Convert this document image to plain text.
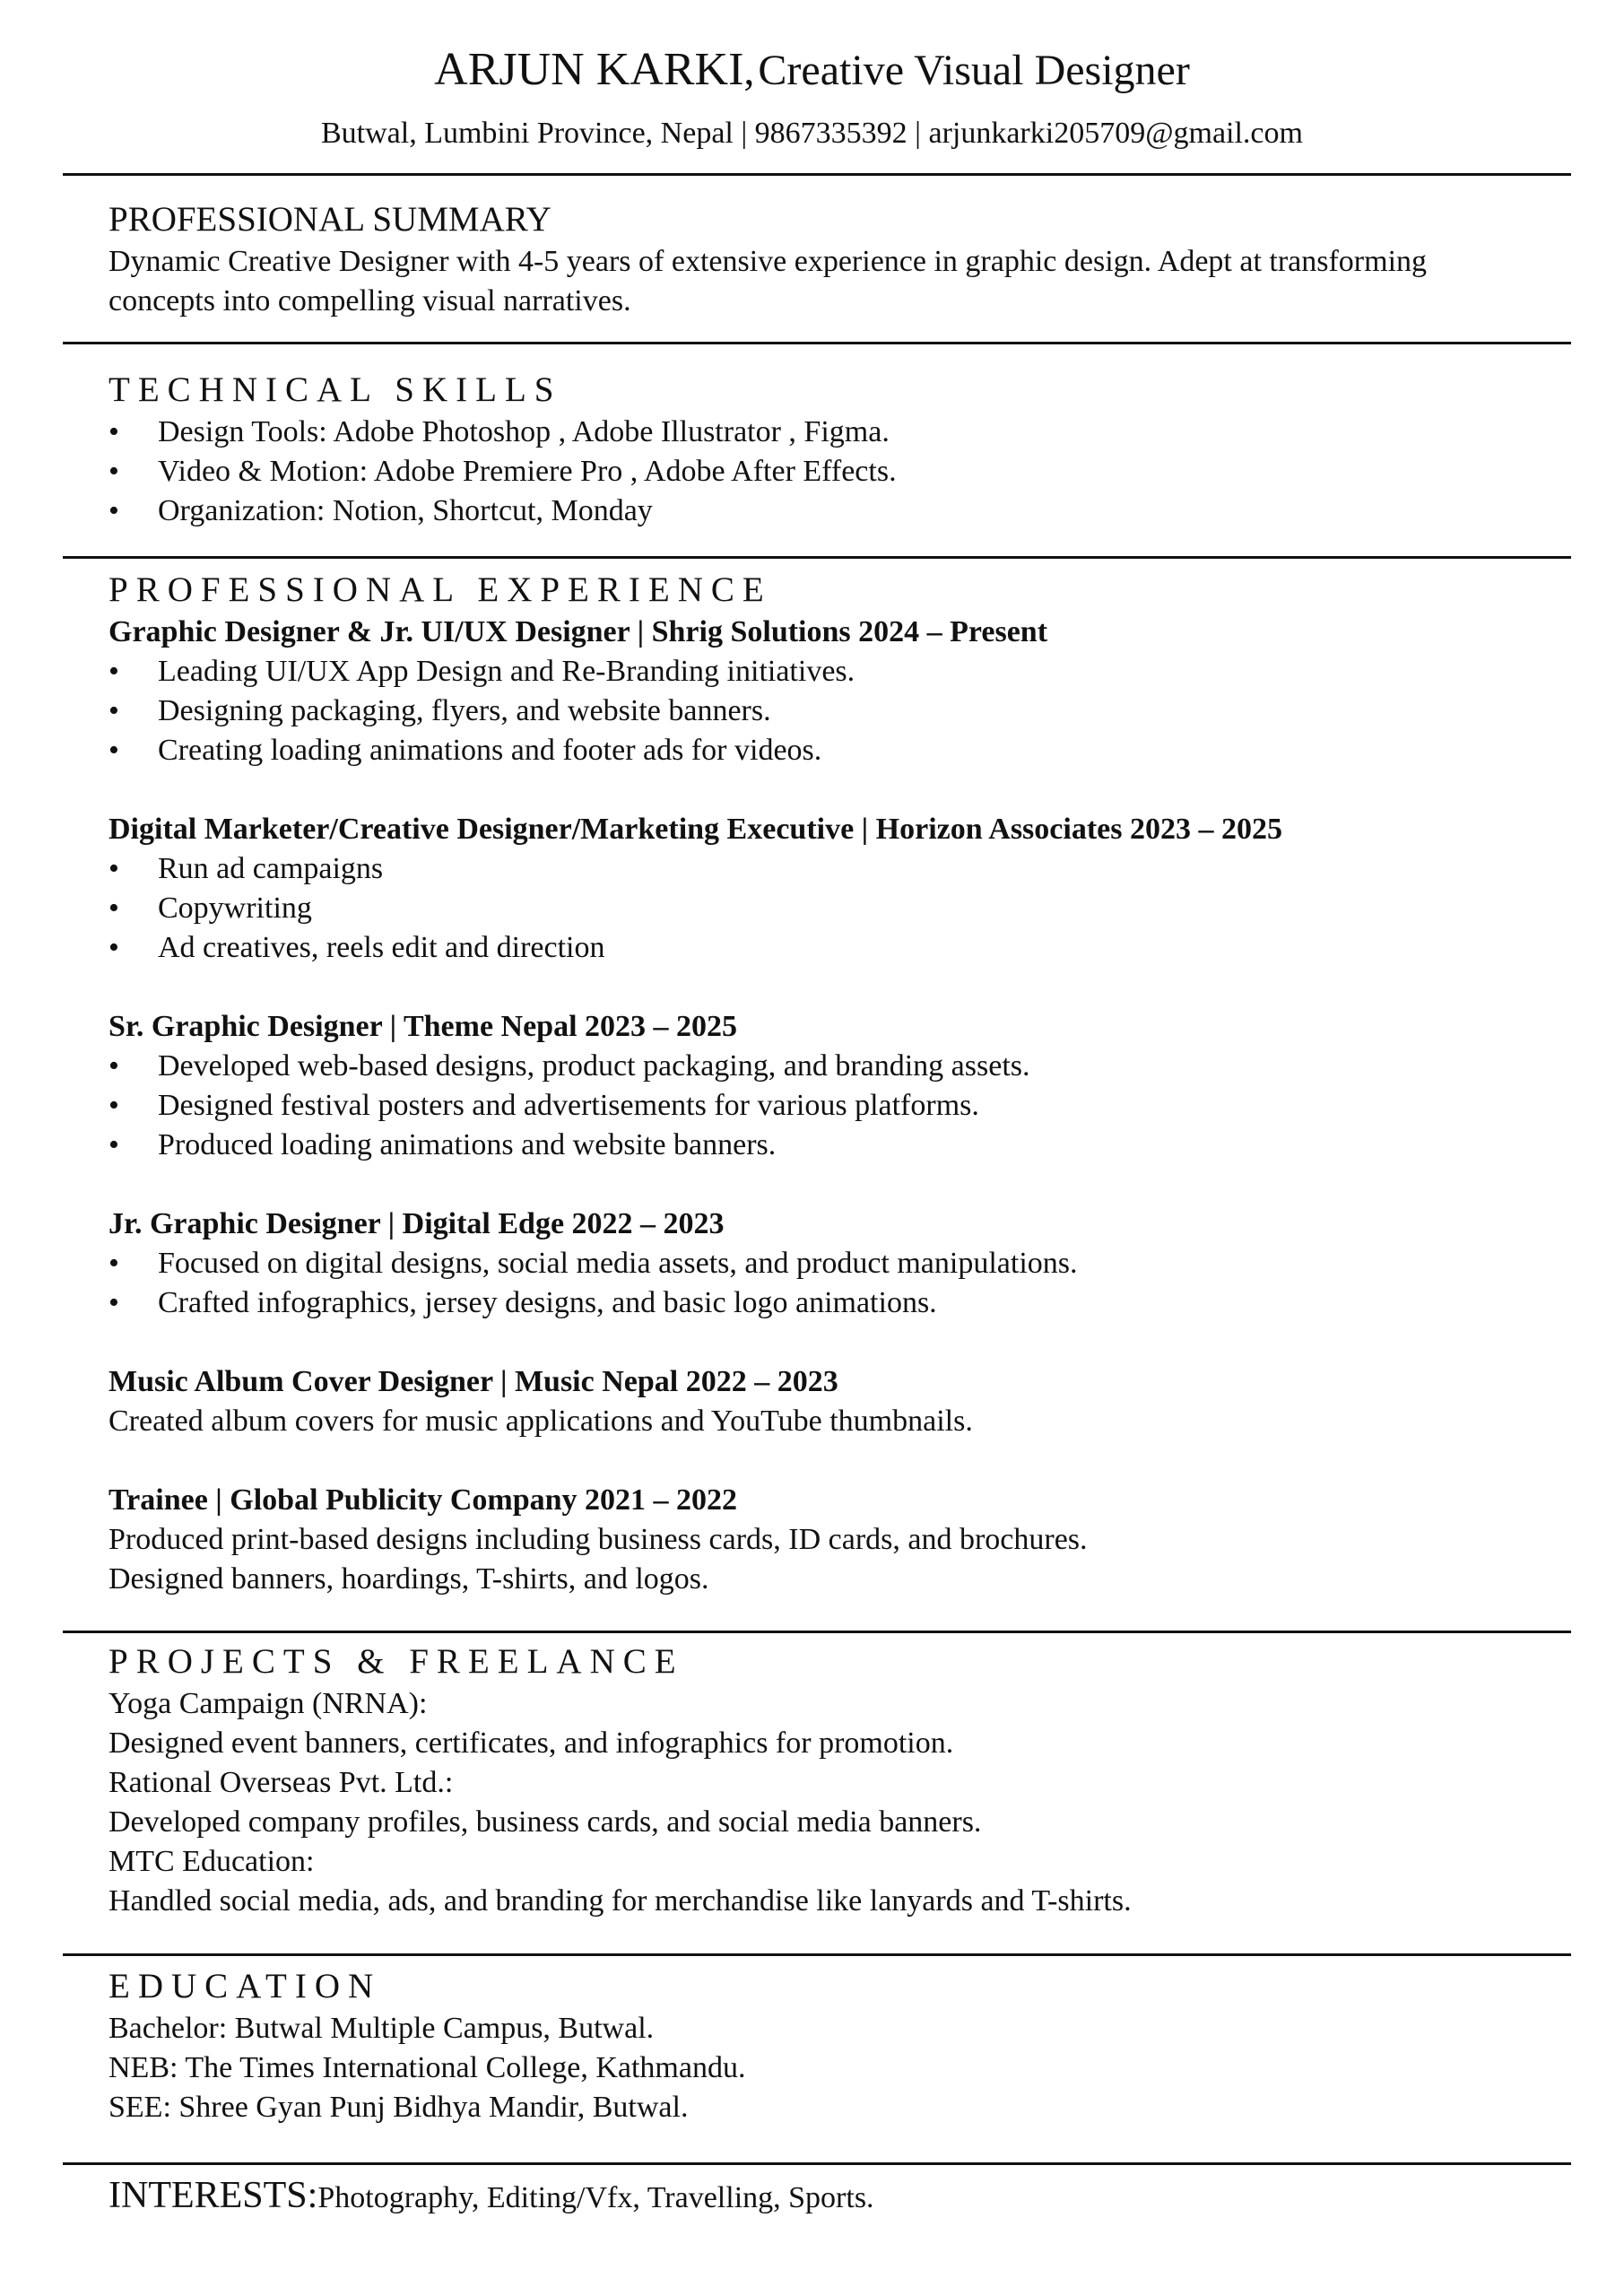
ARJUN KARKI, Creative Visual Designer
Butwal, Lumbini Province, Nepal | 9867335392 | arjunkarki205709@gmail.com

PROFESSIONAL SUMMARY

Dynamic Creative Designer with 4-5 years of extensive experience in graphic design. Adept at transforming

concepts into compelling visual narratives.

TECHNICAL SKILLS

• Design Tools: Adobe Photoshop , Adobe Illustrator , Figma.

• Video & Motion: Adobe Premiere Pro , Adobe After Effects.

• Organization: Notion, Shortcut, Monday

PROFESSIONAL EXPERIENCE

Graphic Designer & Jr. UI/UX Designer | Shrig Solutions 2024 – Present

• Leading UI/UX App Design and Re-Branding initiatives.

• Designing packaging, flyers, and website banners.

• Creating loading animations and footer ads for videos.

Digital Marketer/Creative Designer/Marketing Executive | Horizon Associates 2023 – 2025

• Run ad campaigns

• Copywriting

• Ad creatives, reels edit and direction

Sr. Graphic Designer | Theme Nepal 2023 – 2025

• Developed web-based designs, product packaging, and branding assets.

• Designed festival posters and advertisements for various platforms.

• Produced loading animations and website banners.

Jr. Graphic Designer | Digital Edge 2022 – 2023

• Focused on digital designs, social media assets, and product manipulations.

• Crafted infographics, jersey designs, and basic logo animations.

Music Album Cover Designer | Music Nepal 2022 – 2023

Created album covers for music applications and YouTube thumbnails.

Trainee | Global Publicity Company 2021 – 2022

Produced print-based designs including business cards, ID cards, and brochures.

Designed banners, hoardings, T-shirts, and logos.

PROJECTS & FREELANCE

Yoga Campaign (NRNA):

Designed event banners, certificates, and infographics for promotion.

Rational Overseas Pvt. Ltd.:

Developed company profiles, business cards, and social media banners.

MTC Education:

Handled social media, ads, and branding for merchandise like lanyards and T-shirts.

EDUCATION

Bachelor: Butwal Multiple Campus, Butwal.

NEB: The Times International College, Kathmandu.

SEE: Shree Gyan Punj Bidhya Mandir, Butwal.

INTERESTS:Photography, Editing/Vfx, Travelling, Sports.
